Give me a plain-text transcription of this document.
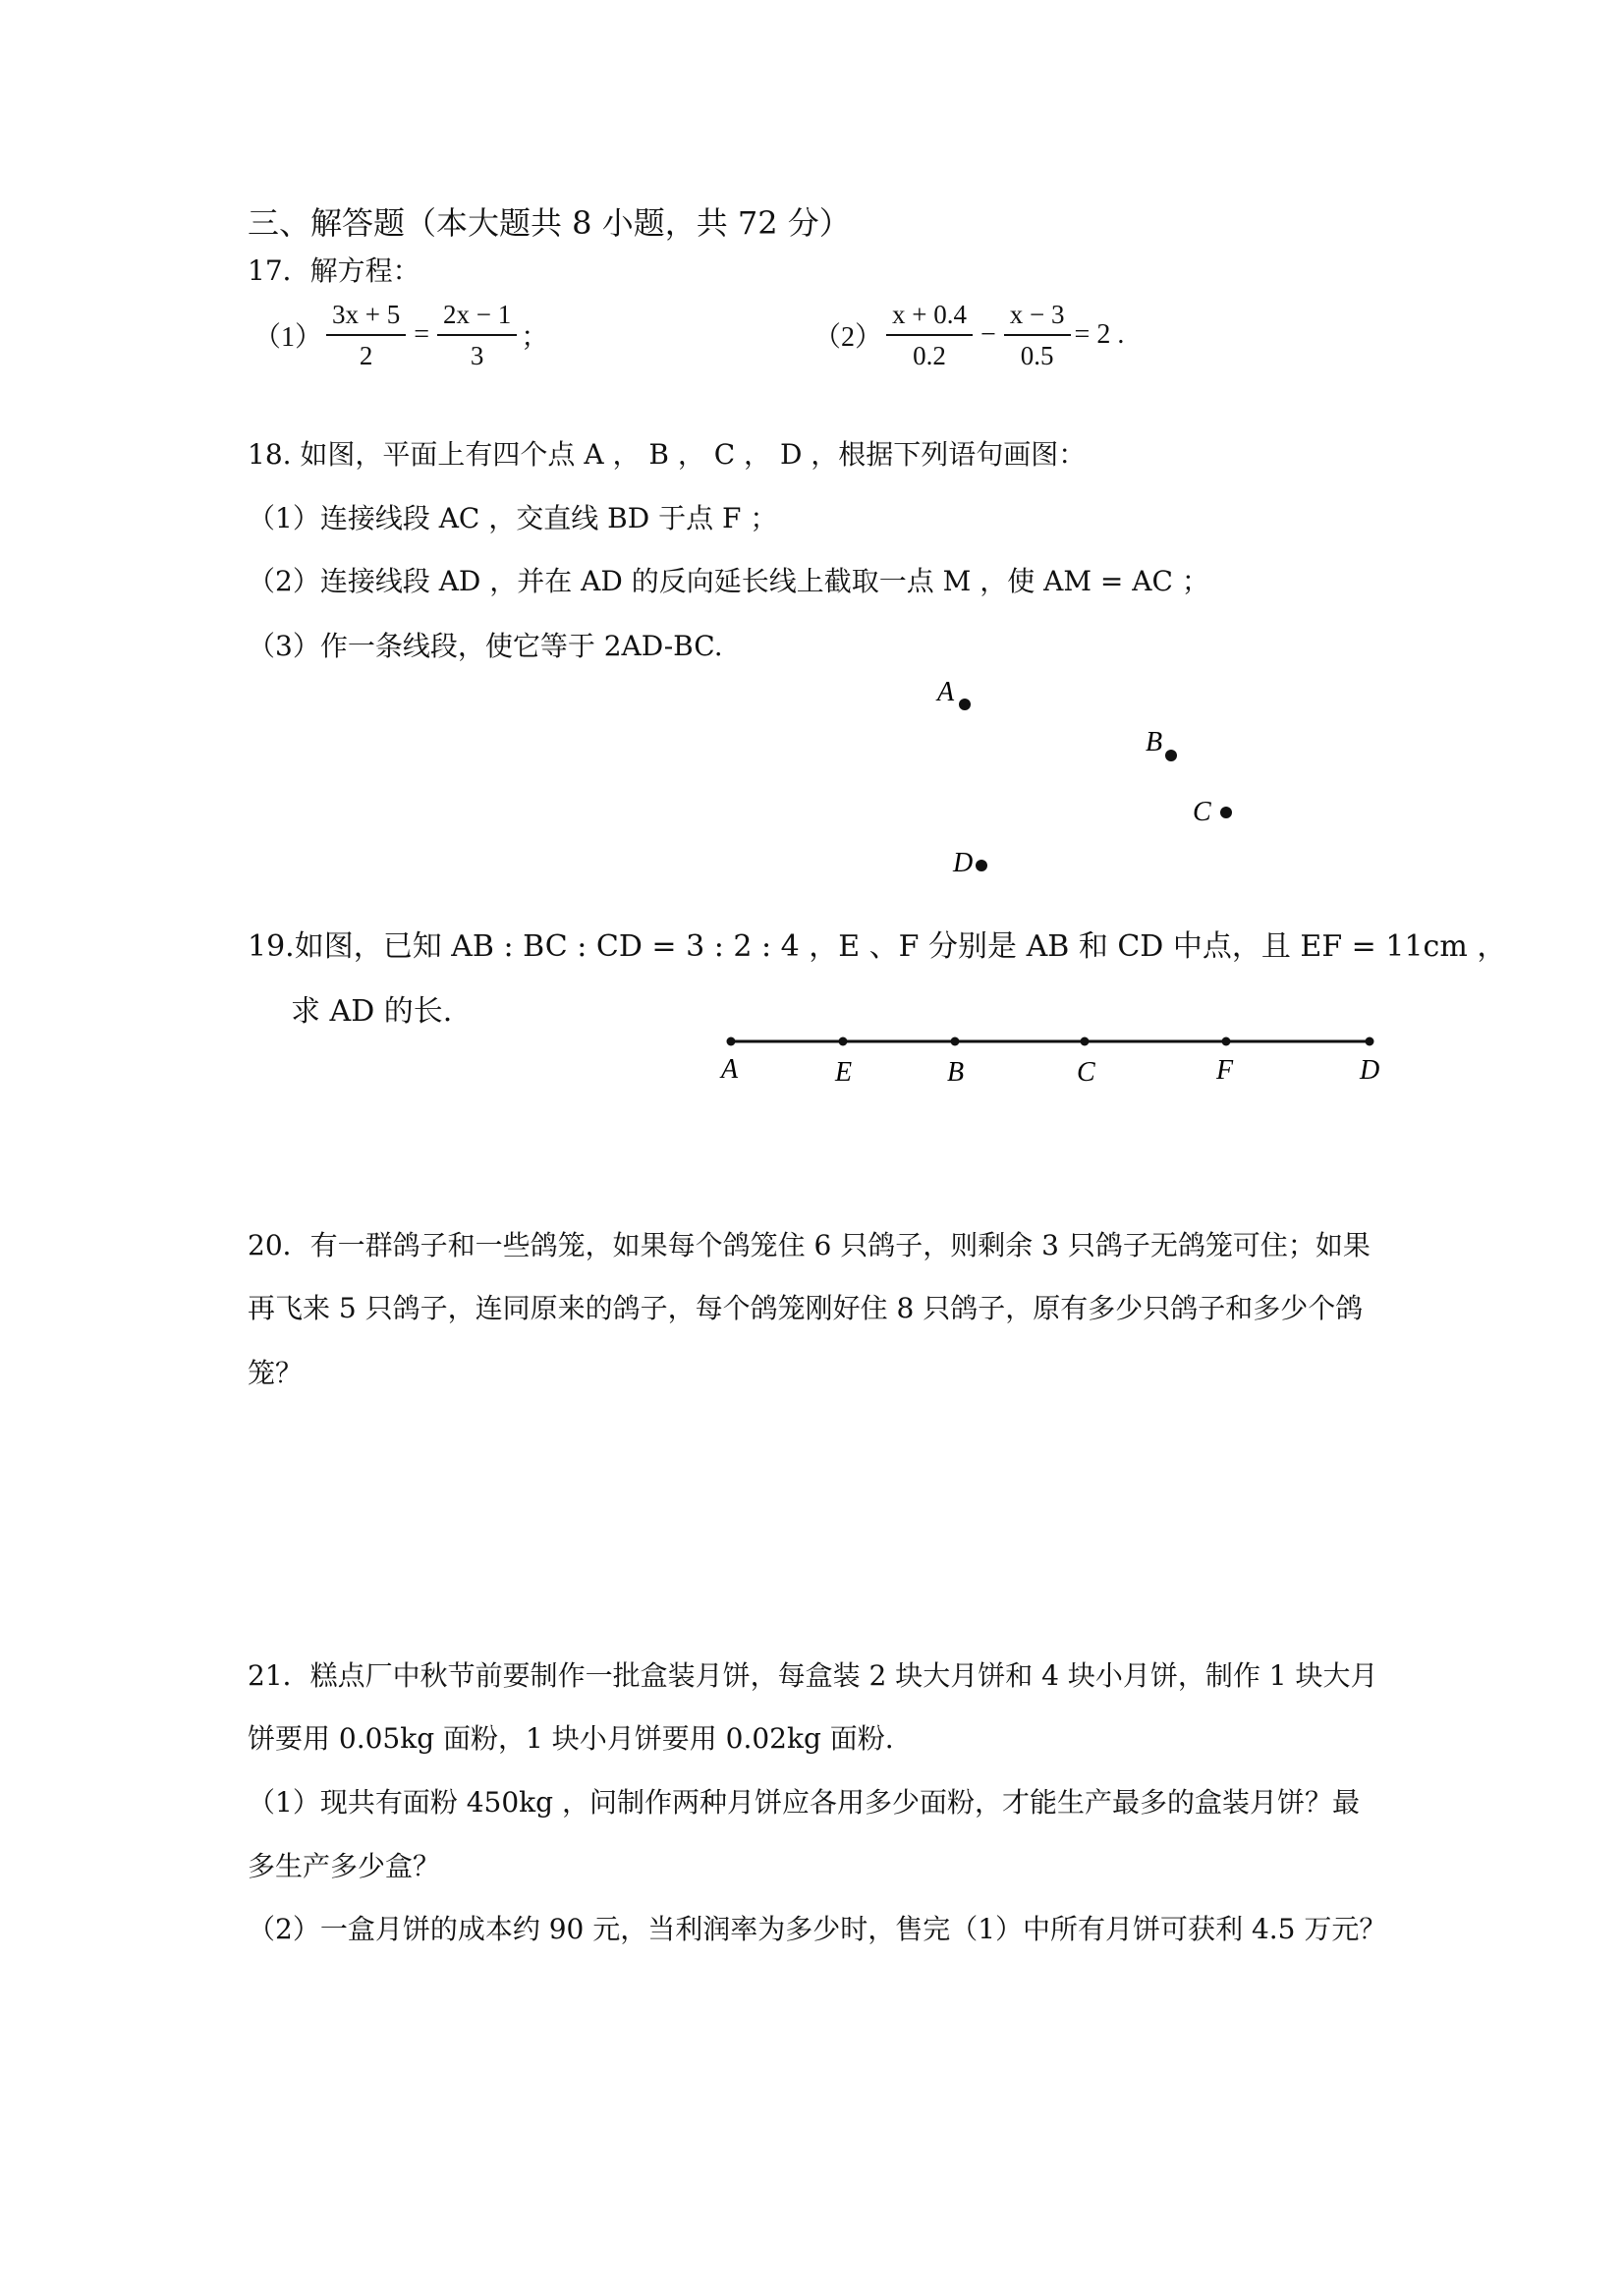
三、解答题（本大题共 8 小题，共 72 分）
17．解方程：
$(1) \frac{3x + 5}{2} = \frac{2x - 1}{3}$ ；	$(2) \frac{x + 0.4}{0.2} - \frac{x - 3}{0.5} = 2$ .
18. 如图，平面上有四个点 A ， B ， C ， D ，根据下列语句画图：
（1）连接线段 AC ，交直线 BD 于点 F ；
（2）连接线段 AD ，并在 AD 的反向延长线上截取一点 M ，使 AM = AC ；
（3）作一条线段，使它等于 2AD-BC.
A
B
C
D
19.如图，已知 AB : BC : CD = 3 : 2 : 4 ，E 、F 分别是 AB 和 CD 中点，且 EF = 11cm ，
求 AD 的长.
A	E	B	C	F	D
20．有一群鸽子和一些鸽笼，如果每个鸽笼住 6 只鸽子，则剩余 3 只鸽子无鸽笼可住；如果
再飞来 5 只鸽子，连同原来的鸽子，每个鸽笼刚好住 8 只鸽子，原有多少只鸽子和多少个鸽
笼？
21．糕点厂中秋节前要制作一批盒装月饼，每盒装 2 块大月饼和 4 块小月饼，制作 1 块大月
饼要用 0.05kg 面粉，1 块小月饼要用 0.02kg 面粉.
（1）现共有面粉 450kg ，问制作两种月饼应各用多少面粉，才能生产最多的盒装月饼？最
多生产多少盒？
（2）一盒月饼的成本约 90 元，当利润率为多少时，售完（1）中所有月饼可获利 4.5 万元？
